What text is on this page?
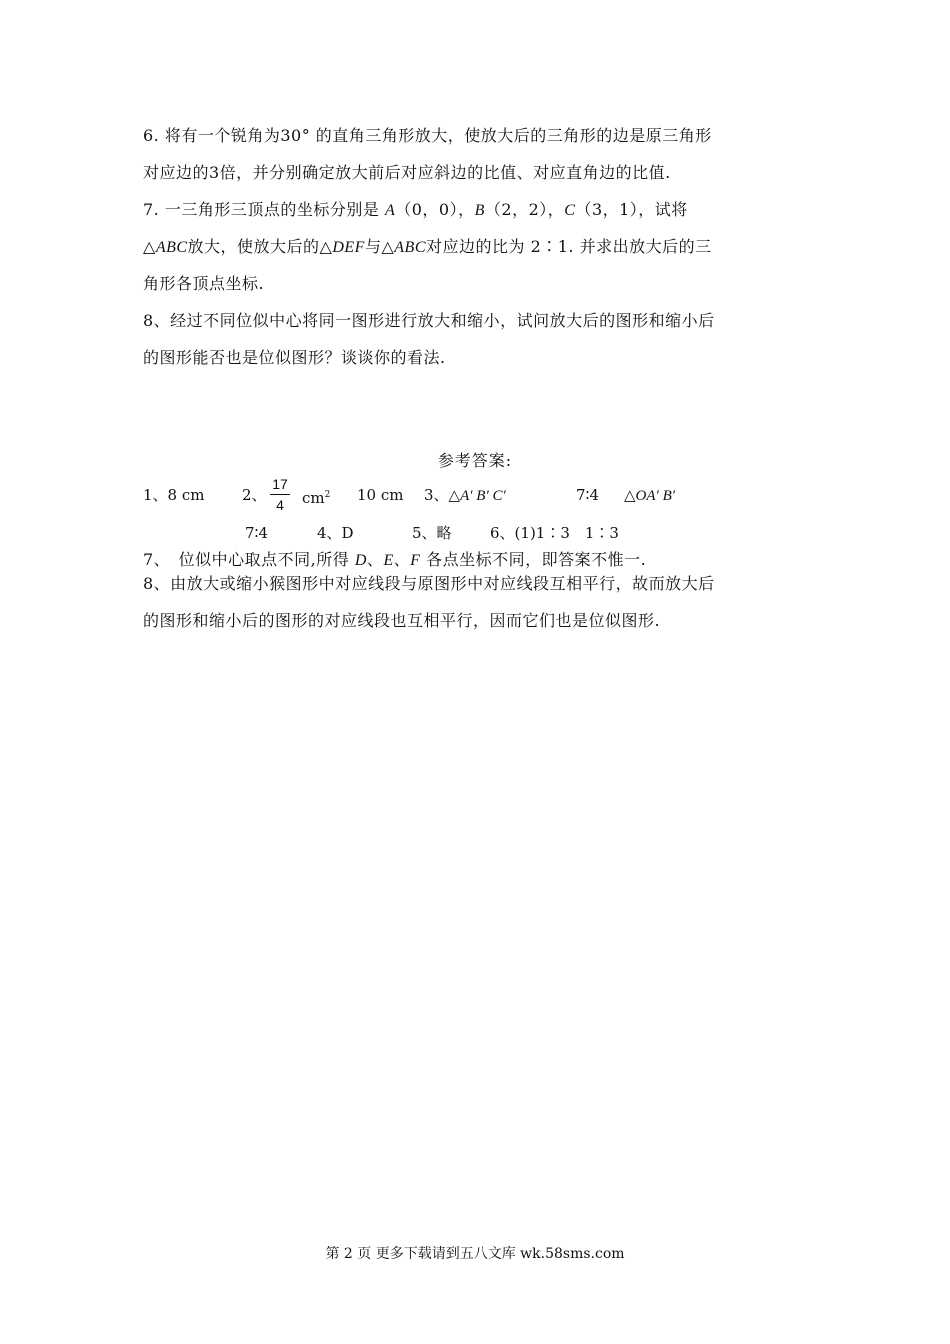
6. 将有一个锐角为30° 的直角三角形放大，使放大后的三角形的边是原三角形
对应边的3倍，并分别确定放大前后对应斜边的比值、对应直角边的比值.
7. 一三角形三顶点的坐标分别是 A（0，0），B（2，2），C（3，1），试将
△ABC放大，使放大后的△DEF与△ABC对应边的比为 2∶1. 并求出放大后的三
角形各顶点坐标.
8、经过不同位似中心将同一图形进行放大和缩小，试问放大后的图形和缩小后
的图形能否也是位似图形？谈谈你的看法.
参考答案:
1、8 cm	2、
17
4	$cm^2$ 10 cm 3、△A′ B′ C′	7∶4 △OA′ B′
7∶4	4、D	5、略	6、(1)1∶3　1∶3
7、　位似中心取点不同,所得 D、E、F 各点坐标不同，即答案不惟一.
8、由放大或缩小猴图形中对应线段与原图形中对应线段互相平行，故而放大后
的图形和缩小后的图形的对应线段也互相平行，因而它们也是位似图形.
第 2 页 更多下载请到五八文库 wk.58sms.com
